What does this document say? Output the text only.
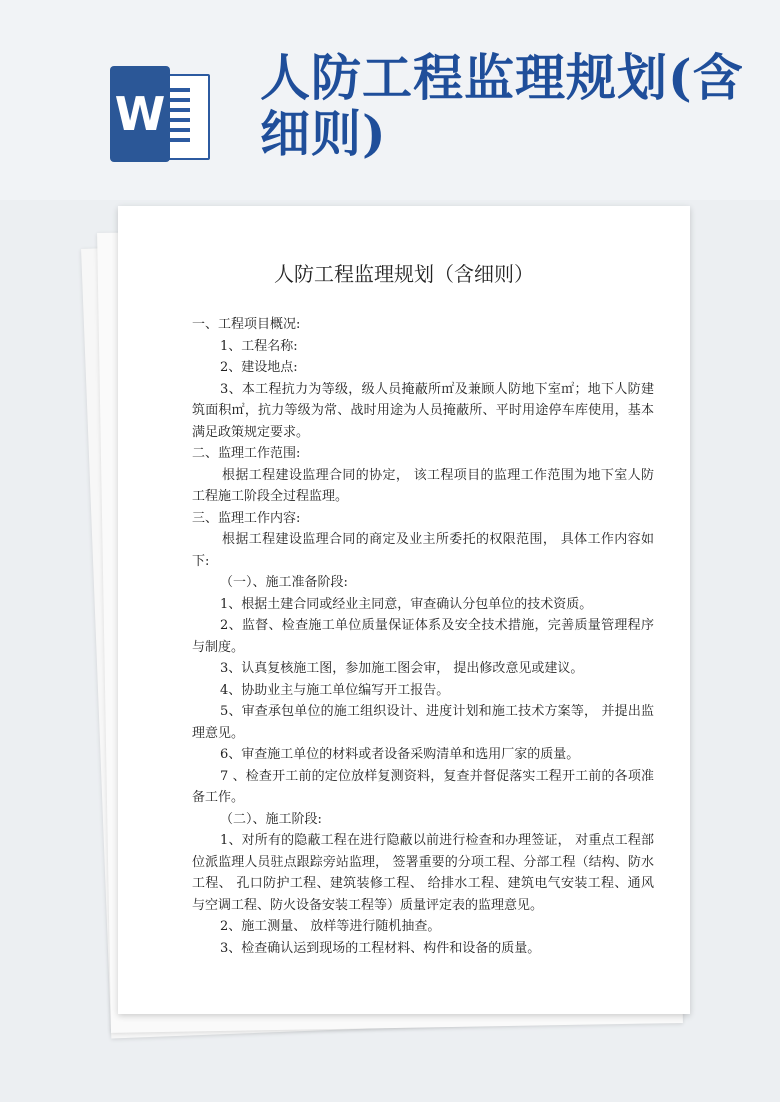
W
人防工程监理规划(含细则)
人防工程监理规划（含细则）

一、工程项目概况:

1、工程名称:

2、建设地点:

3、本工程抗力为等级，级人员掩蔽所㎡及兼顾人防地下室㎡；地下人防建筑面积㎡，抗力等级为常、战时用途为人员掩蔽所、平时用途停车库使用，基本满足政策规定要求。

二、监理工作范围:

根据工程建设监理合同的协定， 该工程项目的监理工作范围为地下室人防工程施工阶段全过程监理。

三、监理工作内容:

根据工程建设监理合同的商定及业主所委托的权限范围， 具体工作内容如下:

（一）、施工准备阶段:

1、根据土建合同或经业主同意，审查确认分包单位的技术资质。

2、监督、检查施工单位质量保证体系及安全技术措施，完善质量管理程序与制度。

3、认真复核施工图，参加施工图会审， 提出修改意见或建议。

4、协助业主与施工单位编写开工报告。

5、审查承包单位的施工组织设计、进度计划和施工技术方案等， 并提出监理意见。

6、审查施工单位的材料或者设备采购清单和选用厂家的质量。

7 、检查开工前的定位放样复测资料，复查并督促落实工程开工前的各项准备工作。

（二）、施工阶段:

1、对所有的隐蔽工程在进行隐蔽以前进行检查和办理签证， 对重点工程部位派监理人员驻点跟踪旁站监理， 签署重要的分项工程、分部工程（结构、防水工程、 孔口防护工程、建筑装修工程、 给排水工程、建筑电气安装工程、通风与空调工程、防火设备安装工程等）质量评定表的监理意见。

2、施工测量、 放样等进行随机抽查。

3、检查确认运到现场的工程材料、构件和设备的质量。
